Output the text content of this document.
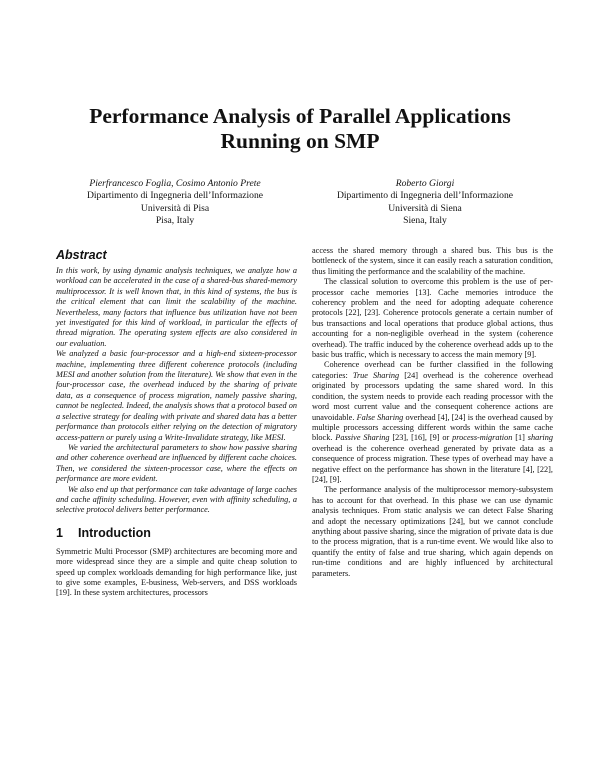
Performance Analysis of Parallel Applications
Running on SMP
Pierfrancesco Foglia, Cosimo Antonio Prete
Dipartimento di Ingegneria dell’Informazione
Università di Pisa
Pisa, Italy
Roberto Giorgi
Dipartimento di Ingegneria dell’Informazione
Università di Siena
Siena, Italy
Abstract

In this work, by using dynamic analysis techniques, we analyze how a workload can be accelerated in the case of a shared-bus shared-memory multiprocessor. It is well known that, in this kind of systems, the bus is the critical element that can limit the scalability of the machine. Nevertheless, many factors that influence bus utilization have not been yet investigated for this kind of workload, in particular the effects of thread migration. The operating system effects are also considered in our evaluation.

We analyzed a basic four-processor and a high-end sixteen-processor machine, implementing three different coherence protocols (including MESI and another solution from the literature). We show that even in the four-processor case, the overhead induced by the sharing of private data, as a consequence of process migration, namely passive sharing, cannot be neglected. Indeed, the analysis shows that a protocol based on a selective strategy for dealing with private and shared data has a better performance than protocols either relying on the detection of migratory access-pattern or purely using a Write-Invalidate strategy, like MESI.

We varied the architectural parameters to show how passive sharing and other coherence overhead are influenced by different cache choices. Then, we considered the sixteen-processor case, where the effects on performance are more evident.

We also end up that performance can take advantage of large caches and cache affinity scheduling. However, even with affinity scheduling, a selective protocol delivers better performance.

1 Introduction

Symmetric Multi Processor (SMP) architectures are becoming more and more widespread since they are a simple and quite cheap solution to speed up complex workloads demanding for high performance like, just to give some examples, E-business, Web-servers, and DSS workloads [19]. In these system architectures, processors

access the shared memory through a shared bus. This bus is the bottleneck of the system, since it can easily reach a saturation condition, thus limiting the performance and the scalability of the machine.

The classical solution to overcome this problem is the use of per-processor cache memories [13]. Cache memories introduce the coherency problem and the need for adopting adequate coherence protocols [22], [23]. Coherence protocols generate a certain number of bus transactions and local operations that produce global actions, thus accounting for a non-negligible overhead in the system (coherence overhead). The traffic induced by the coherence overhead adds up to the basic bus traffic, which is necessary to access the main memory [9].

Coherence overhead can be further classified in the following categories: True Sharing [24] overhead is the coherence overhead originated by processors updating the same shared word. In this condition, the system needs to provide each reading processor with the word most current value and the consequent coherence actions are unavoidable. False Sharing overhead [4], [24] is the overhead caused by multiple processors accessing different words within the same cache block. Passive Sharing [23], [16], [9] or process-migration [1] sharing overhead is the coherence overhead generated by private data as a consequence of process migration. These types of overhead may have a negative effect on the performance has shown in the literature [4], [22], [24], [9].

The performance analysis of the multiprocessor memory-subsystem has to account for that overhead. In this phase we can use dynamic analysis techniques. From static analysis we can detect False Sharing and adopt the necessary optimizations [24], but we cannot conclude anything about passive sharing, since the migration of private data is due to the process migration, that is a run-time event. We would like also to quantify the entity of false and true sharing, which again depends on run-time conditions and are highly influenced by architectural parameters.
